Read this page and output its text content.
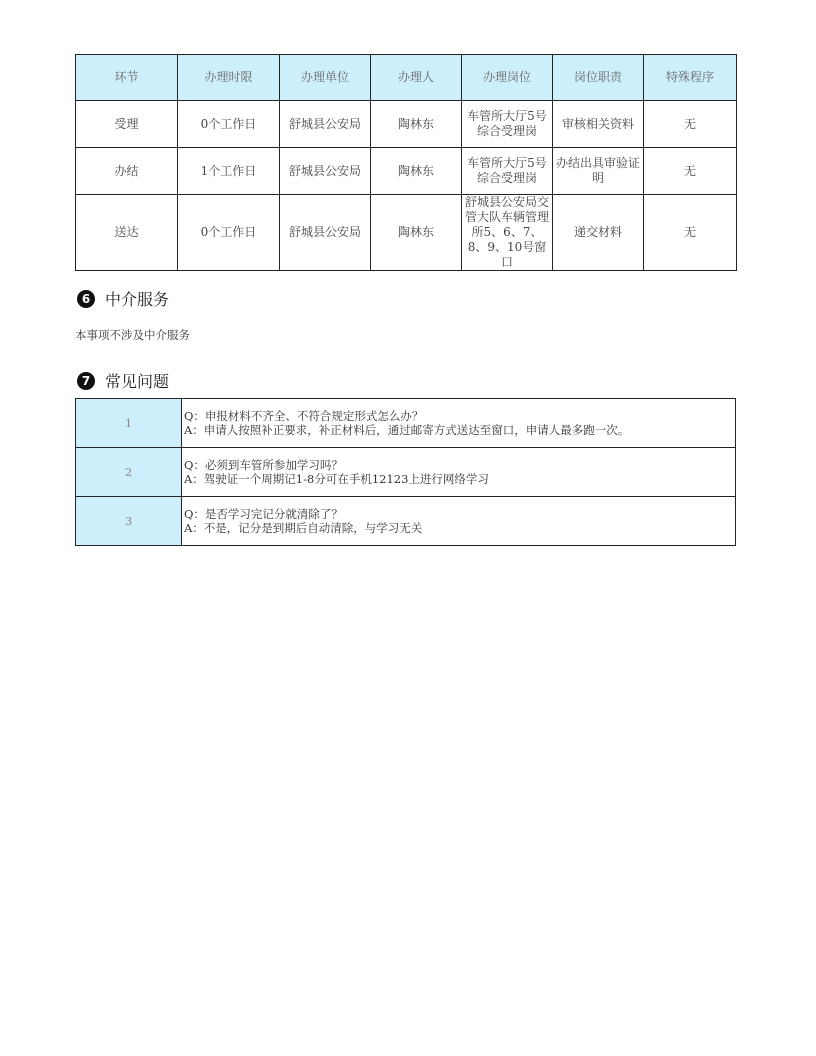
环节	办理时限	办理单位	办理人	办理岗位	岗位职责	特殊程序
受理	0个工作日	舒城县公安局	陶林东	车管所大厅5号综合受理岗	审核相关资料	无
办结	1个工作日	舒城县公安局	陶林东	车管所大厅5号综合受理岗	办结出具审验证明	无
送达	0个工作日	舒城县公安局	陶林东	舒城县公安局交管大队车辆管理所5、6、7、8、9、10号窗口	递交材料	无
6 中介服务
本事项不涉及中介服务
7 常见问题
1	Q：申报材料不齐全、不符合规定形式怎么办？
A：申请人按照补正要求，补正材料后，通过邮寄方式送达至窗口，申请人最多跑一次。

2	Q：必须到车管所参加学习吗？
A：驾驶证一个周期记1-8分可在手机12123上进行网络学习

3	Q：是否学习完记分就清除了？
A：不是，记分是到期后自动清除，与学习无关
